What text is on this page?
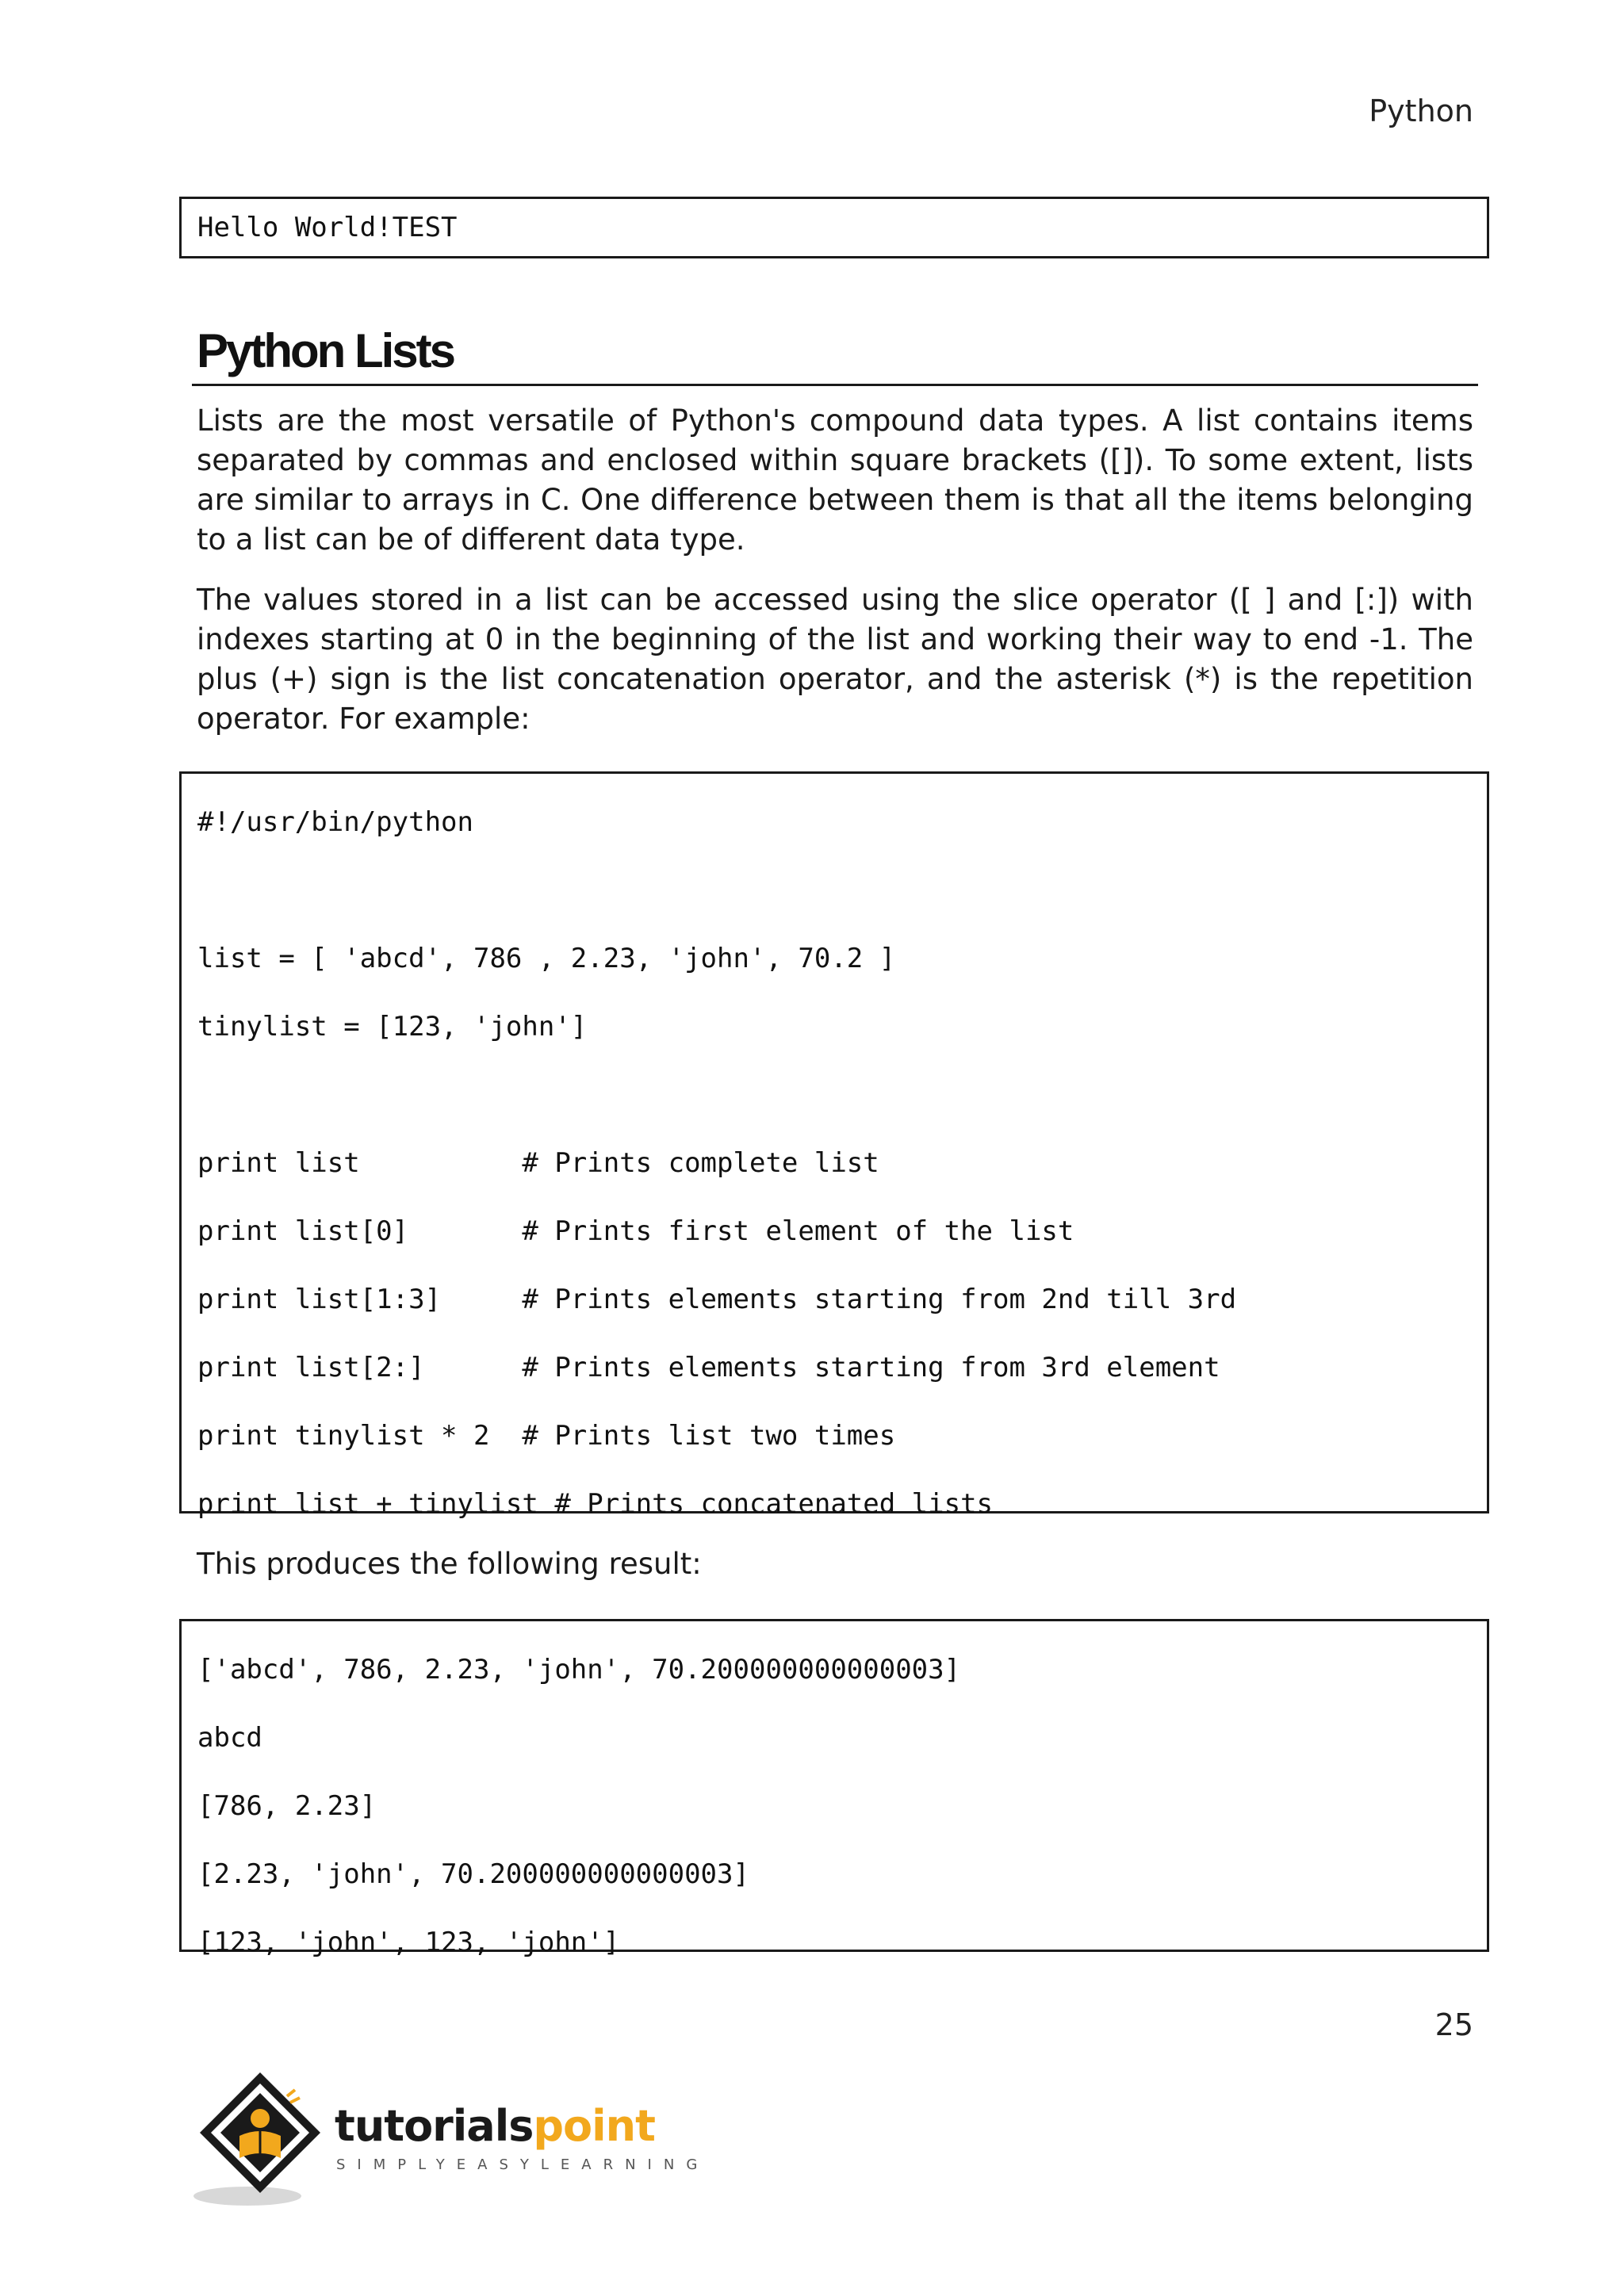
Python
Hello World!TEST
Python Lists

Lists are the most versatile of Python's compound data types. A list contains items separated by commas and enclosed within square brackets ([]). To some extent, lists are similar to arrays in C. One difference between them is that all the items belonging to a list can be of different data type.

The values stored in a list can be accessed using the slice operator ([ ] and [:]) with indexes starting at 0 in the beginning of the list and working their way to end -1. The plus (+) sign is the list concatenation operator, and the asterisk (*) is the repetition operator. For example:

#!/usr/bin/python
list = [ 'abcd', 786 , 2.23, 'john', 70.2 ]
tinylist = [123, 'john']
print list          # Prints complete list
print list[0]       # Prints first element of the list
print list[1:3]     # Prints elements starting from 2nd till 3rd
print list[2:]      # Prints elements starting from 3rd element
print tinylist * 2  # Prints list two times
print list + tinylist # Prints concatenated lists

This produces the following result:

['abcd', 786, 2.23, 'john', 70.200000000000003]
abcd
[786, 2.23]
[2.23, 'john', 70.200000000000003]
[123, 'john', 123, 'john']
25
tutorialspoint
SIMPLYEASYLEARNING
